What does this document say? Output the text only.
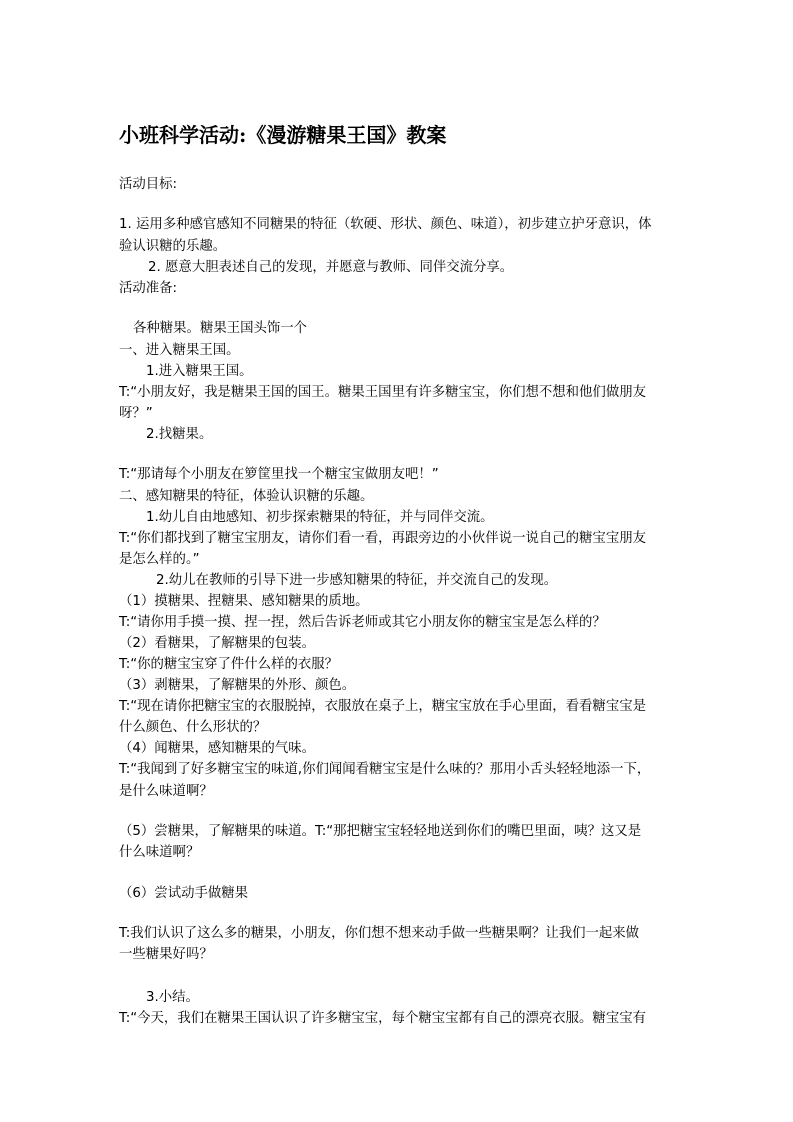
小班科学活动:《漫游糖果王国》教案
活动目标:
1. 运用多种感官感知不同糖果的特征（软硬、形状、颜色、味道），初步建立护牙意识，体
验认识糖的乐趣。
2. 愿意大胆表述自己的发现，并愿意与教师、同伴交流分享。
活动准备:
各种糖果。糖果王国头饰一个
一、进入糖果王国。
1.进入糖果王国。
T:“小朋友好，我是糖果王国的国王。糖果王国里有许多糖宝宝，你们想不想和他们做朋友
呀？”
2.找糖果。
T:“那请每个小朋友在箩筐里找一个糖宝宝做朋友吧！”
二、感知糖果的特征，体验认识糖的乐趣。
1.幼儿自由地感知、初步探索糖果的特征，并与同伴交流。
T:“你们都找到了糖宝宝朋友，请你们看一看，再跟旁边的小伙伴说一说自己的糖宝宝朋友
是怎么样的。”
2.幼儿在教师的引导下进一步感知糖果的特征，并交流自己的发现。
（1）摸糖果、捏糖果、感知糖果的质地。
T:“请你用手摸一摸、捏一捏，然后告诉老师或其它小朋友你的糖宝宝是怎么样的？
（2）看糖果，了解糖果的包装。
T:“你的糖宝宝穿了件什么样的衣服？
（3）剥糖果，了解糖果的外形、颜色。
T:“现在请你把糖宝宝的衣服脱掉，衣服放在桌子上，糖宝宝放在手心里面，看看糖宝宝是
什么颜色、什么形状的？
（4）闻糖果，感知糖果的气味。
T:“我闻到了好多糖宝宝的味道,你们闻闻看糖宝宝是什么味的？那用小舌头轻轻地添一下，
是什么味道啊？
（5）尝糖果，了解糖果的味道。T:“那把糖宝宝轻轻地送到你们的嘴巴里面，咦？这又是
什么味道啊？
（6）尝试动手做糖果
T:我们认识了这么多的糖果，小朋友，你们想不想来动手做一些糖果啊？让我们一起来做
一些糖果好吗？
3.小结。
T:“今天，我们在糖果王国认识了许多糖宝宝，每个糖宝宝都有自己的漂亮衣服。糖宝宝有
